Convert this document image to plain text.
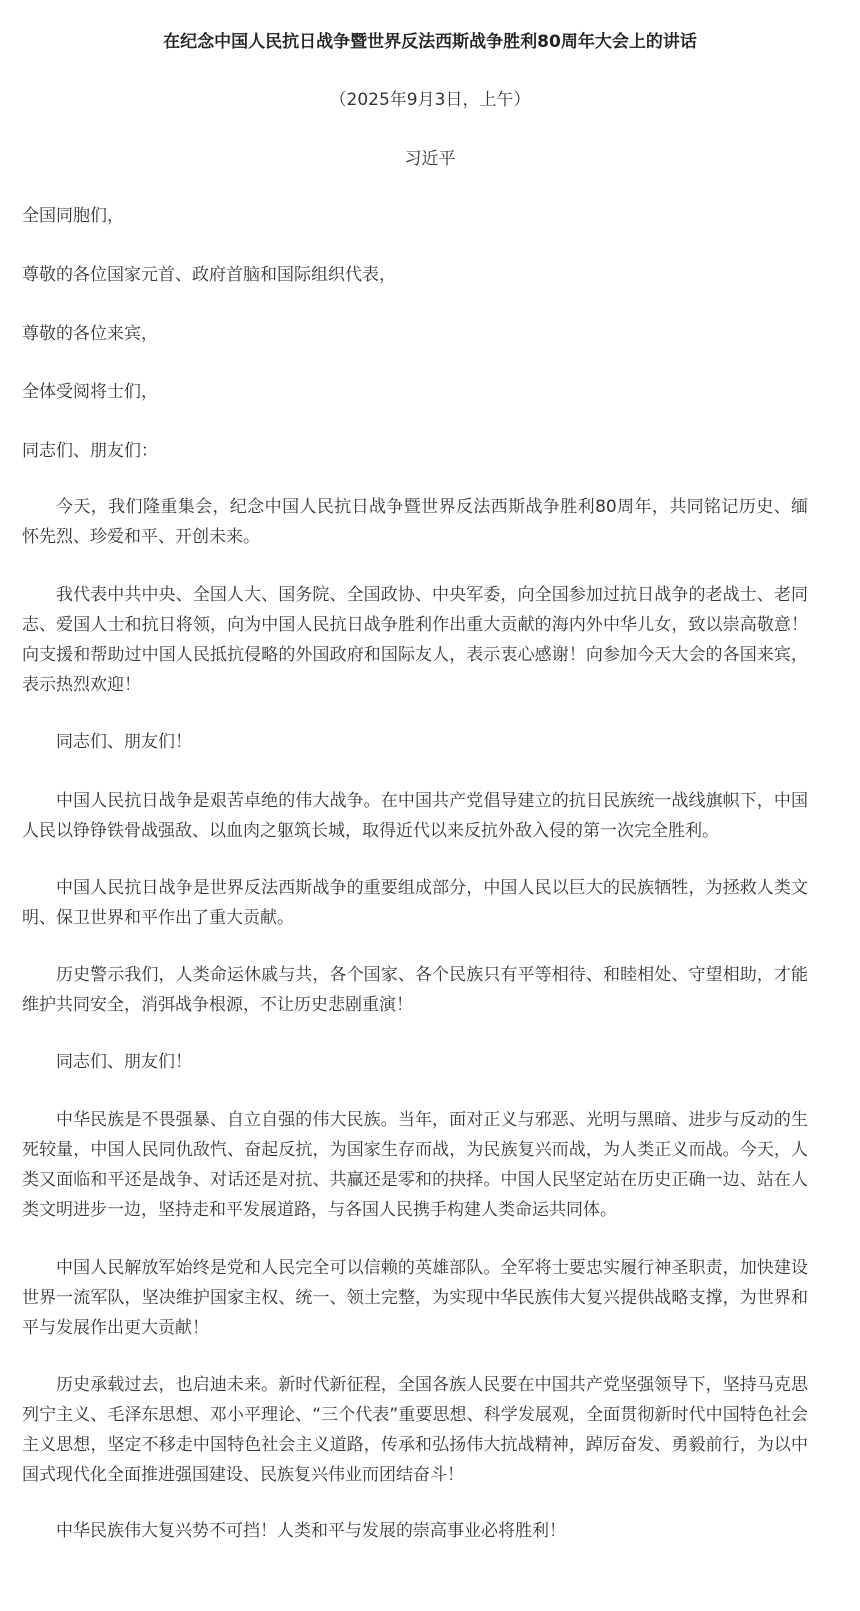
在纪念中国人民抗日战争暨世界反法西斯战争胜利80周年大会上的讲话
（2025年9月3日，上午）
习近平
全国同胞们，
尊敬的各位国家元首、政府首脑和国际组织代表，
尊敬的各位来宾，
全体受阅将士们，
同志们、朋友们：

今天，我们隆重集会，纪念中国人民抗日战争暨世界反法西斯战争胜利80周年，共同铭记历史、缅怀先烈、珍爱和平、开创未来。

我代表中共中央、全国人大、国务院、全国政协、中央军委，向全国参加过抗日战争的老战士、老同志、爱国人士和抗日将领，向为中国人民抗日战争胜利作出重大贡献的海内外中华儿女，致以崇高敬意！向支援和帮助过中国人民抵抗侵略的外国政府和国际友人，表示衷心感谢！向参加今天大会的各国来宾，表示热烈欢迎！

同志们、朋友们！

中国人民抗日战争是艰苦卓绝的伟大战争。在中国共产党倡导建立的抗日民族统一战线旗帜下，中国人民以铮铮铁骨战强敌、以血肉之躯筑长城，取得近代以来反抗外敌入侵的第一次完全胜利。

中国人民抗日战争是世界反法西斯战争的重要组成部分，中国人民以巨大的民族牺牲，为拯救人类文明、保卫世界和平作出了重大贡献。

历史警示我们，人类命运休戚与共，各个国家、各个民族只有平等相待、和睦相处、守望相助，才能维护共同安全，消弭战争根源，不让历史悲剧重演！

同志们、朋友们！

中华民族是不畏强暴、自立自强的伟大民族。当年，面对正义与邪恶、光明与黑暗、进步与反动的生死较量，中国人民同仇敌忾、奋起反抗，为国家生存而战，为民族复兴而战，为人类正义而战。今天，人类又面临和平还是战争、对话还是对抗、共赢还是零和的抉择。中国人民坚定站在历史正确一边、站在人类文明进步一边，坚持走和平发展道路，与各国人民携手构建人类命运共同体。

中国人民解放军始终是党和人民完全可以信赖的英雄部队。全军将士要忠实履行神圣职责，加快建设世界一流军队，坚决维护国家主权、统一、领土完整，为实现中华民族伟大复兴提供战略支撑，为世界和平与发展作出更大贡献！

历史承载过去，也启迪未来。新时代新征程，全国各族人民要在中国共产党坚强领导下，坚持马克思列宁主义、毛泽东思想、邓小平理论、“三个代表”重要思想、科学发展观，全面贯彻新时代中国特色社会主义思想，坚定不移走中国特色社会主义道路，传承和弘扬伟大抗战精神，踔厉奋发、勇毅前行，为以中国式现代化全面推进强国建设、民族复兴伟业而团结奋斗！

中华民族伟大复兴势不可挡！人类和平与发展的崇高事业必将胜利！
